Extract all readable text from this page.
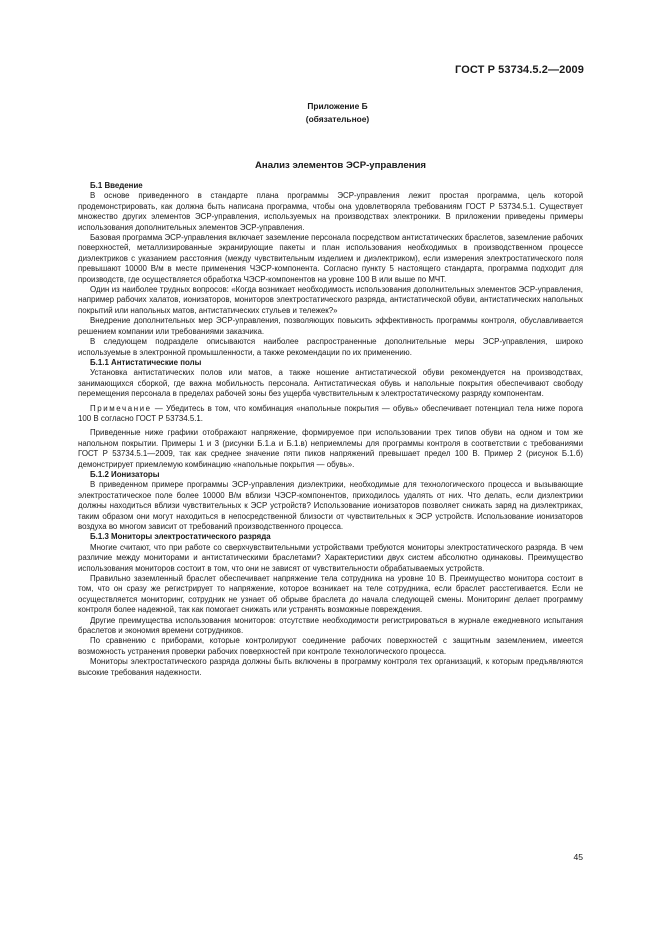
ГОСТ Р 53734.5.2—2009
Приложение Б
(обязательное)
Анализ элементов ЭСР-управления

Б.1 Введение

В основе приведенного в стандарте плана программы ЭСР-управления лежит простая программа, цель которой продемонстрировать, как должна быть написана программа, чтобы она удовлетворяла требованиям ГОСТ Р 53734.5.1. Существует множество других элементов ЭСР-управления, используемых на производствах электроники. В приложении приведены примеры использования дополнительных элементов ЭСР-управления.

Базовая программа ЭСР-управления включает заземление персонала посредством антистатических браслетов, заземление рабочих поверхностей, металлизированные экранирующие пакеты и план использования необходимых в производственном процессе диэлектриков с указанием расстояния (между чувствительным изделием и диэлектриком), если измерения электростатического поля превышают 10000 В/м в месте применения ЧЭСР-компонента. Согласно пункту 5 настоящего стандарта, программа подходит для производств, где осуществляется обработка ЧЭСР-компонентов на уровне 100 В или выше по МЧТ.

Один из наиболее трудных вопросов: «Когда возникает необходимость использования дополнительных элементов ЭСР-управления, например рабочих халатов, ионизаторов, мониторов электростатического разряда, антистатической обуви, антистатических напольных покрытий или напольных матов, антистатических стульев и тележек?»

Внедрение дополнительных мер ЭСР-управления, позволяющих повысить эффективность программы контроля, обуславливается решением компании или требованиями заказчика.

В следующем подразделе описываются наиболее распространенные дополнительные меры ЭСР-управления, широко используемые в электронной промышленности, а также рекомендации по их применению.

Б.1.1 Антистатические полы

Установка антистатических полов или матов, а также ношение антистатической обуви рекомендуется на производствах, занимающихся сборкой, где важна мобильность персонала. Антистатическая обувь и напольные покрытия обеспечивают свободу перемещения персонала в пределах рабочей зоны без ущерба чувствительным к электростатическому разряду компонентам.

Примечание — Убедитесь в том, что комбинация «напольные покрытия — обувь» обеспечивает потенциал тела ниже порога 100 В согласно ГОСТ Р 53734.5.1.

Приведенные ниже графики отображают напряжение, формируемое при использовании трех типов обуви на одном и том же напольном покрытии. Примеры 1 и 3 (рисунки Б.1.а и Б.1.в) неприемлемы для программы контроля в соответствии с требованиями ГОСТ Р 53734.5.1—2009, так как среднее значение пяти пиков напряжений превышает предел 100 В. Пример 2 (рисунок Б.1.б) демонстрирует приемлемую комбинацию «напольные покрытия — обувь».

Б.1.2 Ионизаторы

В приведенном примере программы ЭСР-управления диэлектрики, необходимые для технологического процесса и вызывающие электростатическое поле более 10000 В/м вблизи ЧЭСР-компонентов, приходилось удалять от них. Что делать, если диэлектрики должны находиться вблизи чувствительных к ЭСР устройств? Использование ионизаторов позволяет снижать заряд на диэлектриках, таким образом они могут находиться в непосредственной близости от чувствительных к ЭСР устройств. Использование ионизаторов воздуха во многом зависит от требований производственного процесса.

Б.1.3 Мониторы электростатического разряда

Многие считают, что при работе со сверхчувствительными устройствами требуются мониторы электростатического разряда. В чем различие между мониторами и антистатическими браслетами? Характеристики двух систем абсолютно одинаковы. Преимущество использования мониторов состоит в том, что они не зависят от чувствительности обрабатываемых устройств.

Правильно заземленный браслет обеспечивает напряжение тела сотрудника на уровне 10 В. Преимущество монитора состоит в том, что он сразу же регистрирует то напряжение, которое возникает на теле сотрудника, если браслет расстегивается. Если не осуществляется мониторинг, сотрудник не узнает об обрыве браслета до начала следующей смены. Мониторинг делает программу контроля более надежной, так как помогает снижать или устранять возможные повреждения.

Другие преимущества использования мониторов: отсутствие необходимости регистрироваться в журнале ежедневного испытания браслетов и экономия времени сотрудников.

По сравнению с приборами, которые контролируют соединение рабочих поверхностей с защитным заземлением, имеется возможность устранения проверки рабочих поверхностей при контроле технологического процесса.

Мониторы электростатического разряда должны быть включены в программу контроля тех организаций, к которым предъявляются высокие требования надежности.

45
